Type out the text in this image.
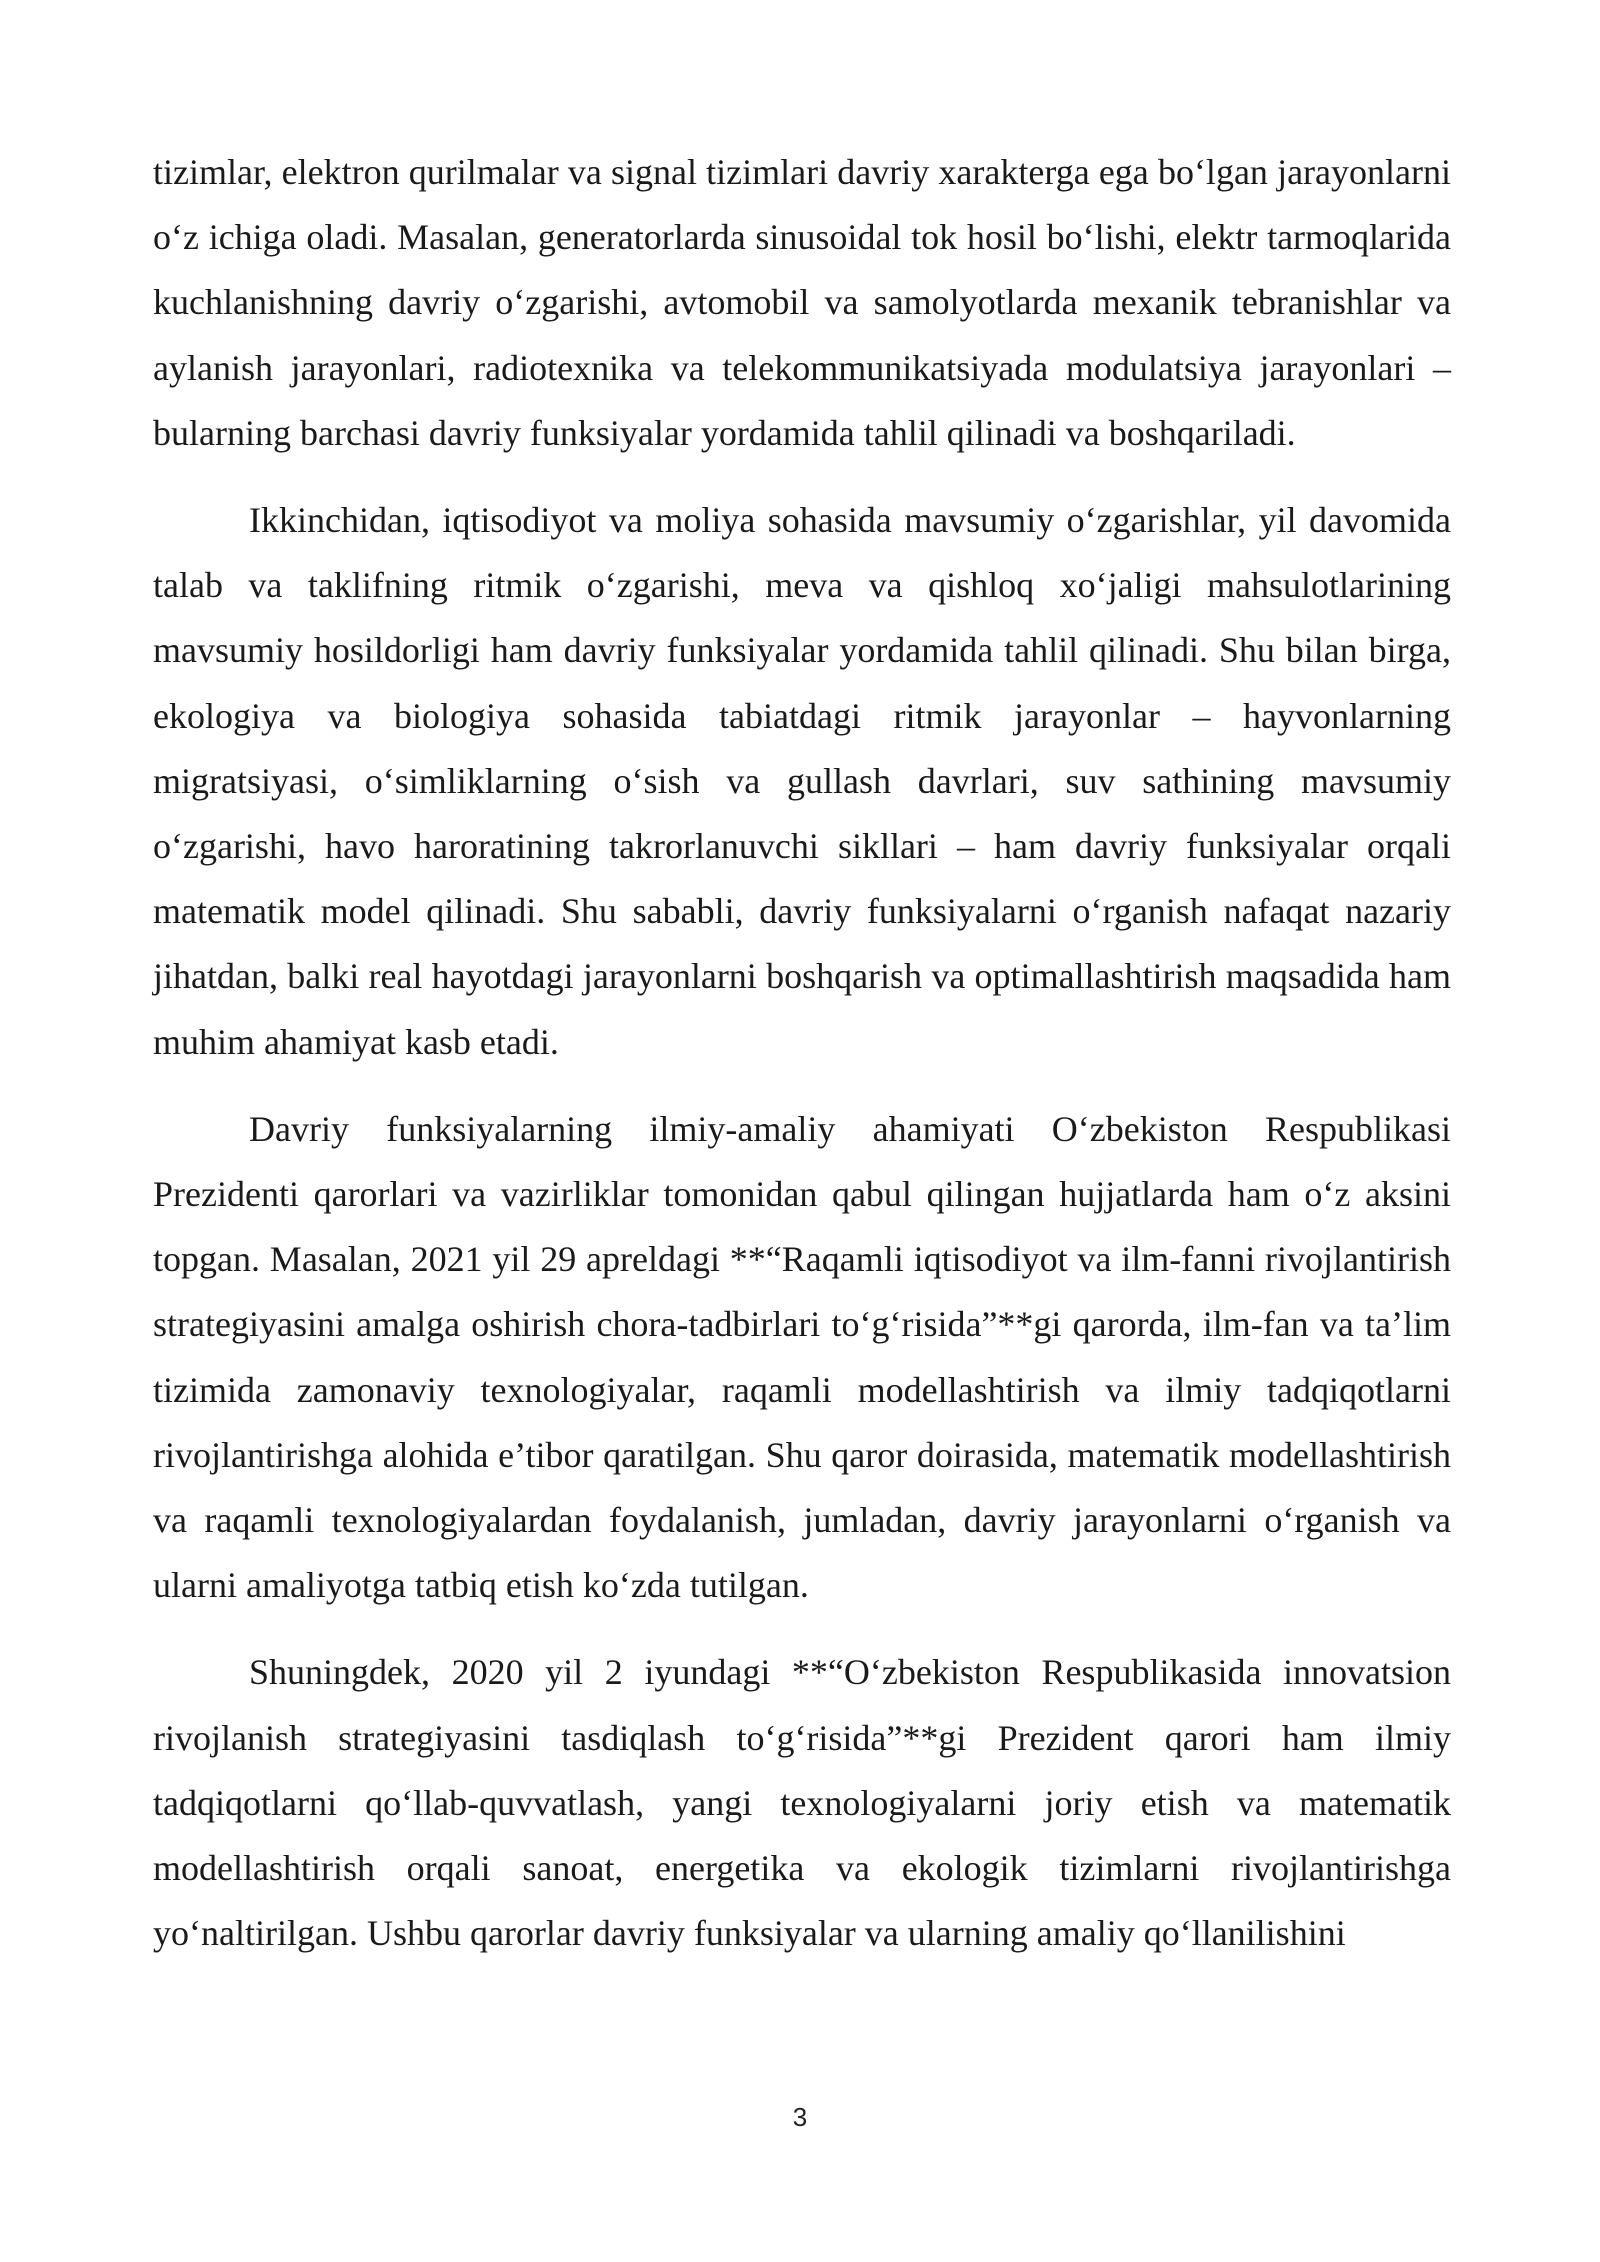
tizimlar, elektron qurilmalar va signal tizimlari davriy xarakterga ega bo‘lgan jarayonlarni o‘z ichiga oladi. Masalan, generatorlarda sinusoidal tok hosil bo‘lishi, elektr tarmoqlarida kuchlanishning davriy o‘zgarishi, avtomobil va samolyotlarda mexanik tebranishlar va aylanish jarayonlari, radiotexnika va telekommunikatsiyada modulatsiya jarayonlari – bularning barchasi davriy funksiyalar yordamida tahlil qilinadi va boshqariladi.

Ikkinchidan, iqtisodiyot va moliya sohasida mavsumiy o‘zgarishlar, yil davomida talab va taklifning ritmik o‘zgarishi, meva va qishloq xo‘jaligi mahsulotlarining mavsumiy hosildorligi ham davriy funksiyalar yordamida tahlil qilinadi. Shu bilan birga, ekologiya va biologiya sohasida tabiatdagi ritmik jarayonlar – hayvonlarning migratsiyasi, o‘simliklarning o‘sish va gullash davrlari, suv sathining mavsumiy o‘zgarishi, havo haroratining takrorlanuvchi sikllari – ham davriy funksiyalar orqali matematik model qilinadi. Shu sababli, davriy funksiyalarni o‘rganish nafaqat nazariy jihatdan, balki real hayotdagi jarayonlarni boshqarish va optimallashtirish maqsadida ham muhim ahamiyat kasb etadi.

Davriy funksiyalarning ilmiy-amaliy ahamiyati O‘zbekiston Respublikasi Prezidenti qarorlari va vazirliklar tomonidan qabul qilingan hujjatlarda ham o‘z aksini topgan. Masalan, 2021 yil 29 apreldagi **“Raqamli iqtisodiyot va ilm-fanni rivojlantirish strategiyasini amalga oshirish chora-tadbirlari to‘g‘risida”**gi qarorda, ilm-fan va ta’lim tizimida zamonaviy texnologiyalar, raqamli modellashtirish va ilmiy tadqiqotlarni rivojlantirishga alohida e’tibor qaratilgan. Shu qaror doirasida, matematik modellashtirish va raqamli texnologiyalardan foydalanish, jumladan, davriy jarayonlarni o‘rganish va ularni amaliyotga tatbiq etish ko‘zda tutilgan.

Shuningdek, 2020 yil 2 iyundagi **“O‘zbekiston Respublikasida innovatsion rivojlanish strategiyasini tasdiqlash to‘g‘risida”**gi Prezident qarori ham ilmiy tadqiqotlarni qo‘llab-quvvatlash, yangi texnologiyalarni joriy etish va matematik modellashtirish orqali sanoat, energetika va ekologik tizimlarni rivojlantirishga yo‘naltirilgan. Ushbu qarorlar davriy funksiyalar va ularning amaliy qo‘llanilishini

3
